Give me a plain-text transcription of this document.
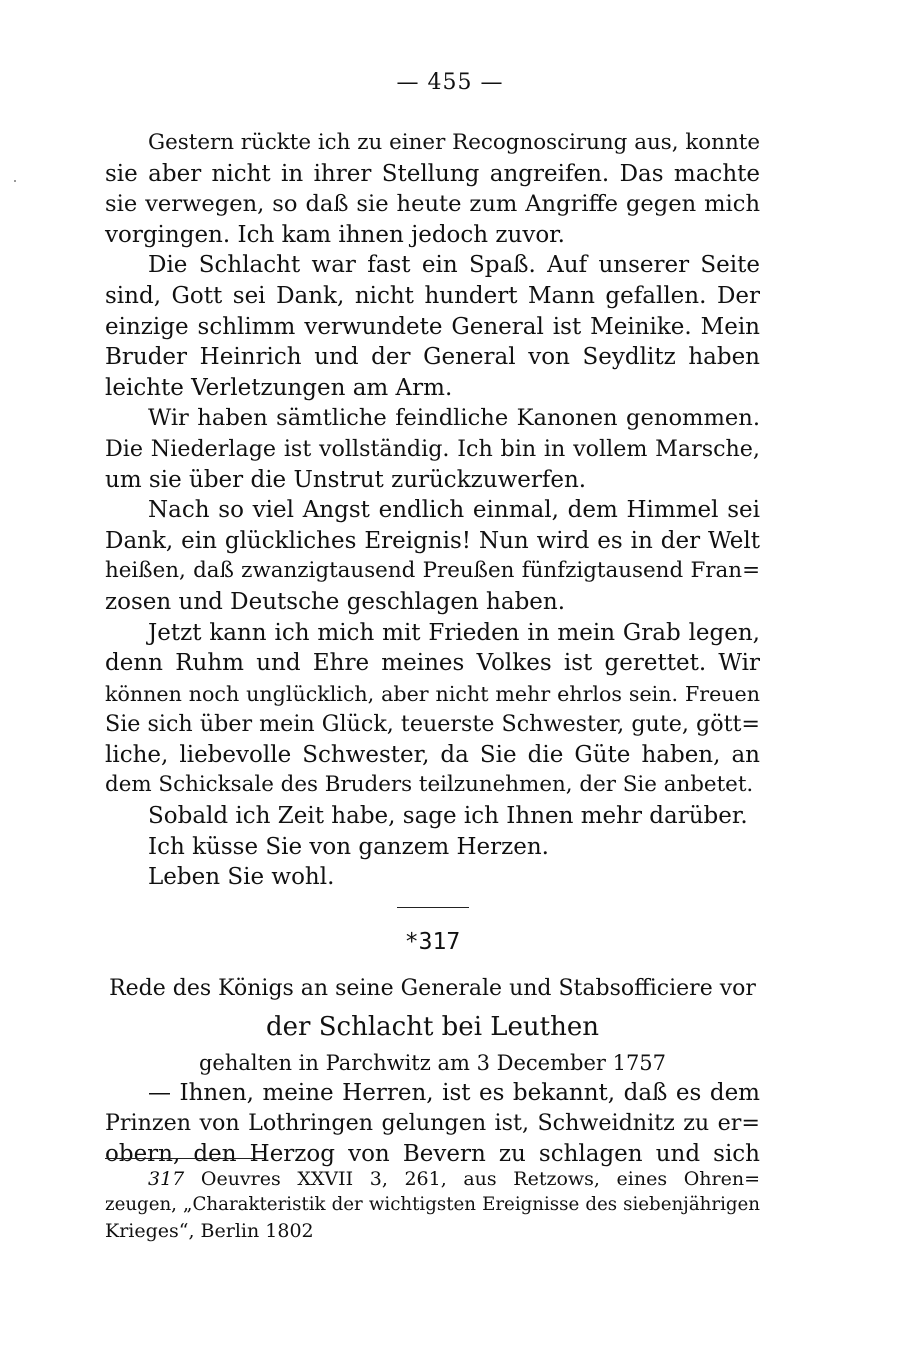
— 455 —
Gestern rückte ich zu einer Recognoscirung aus, konnte
sie aber nicht in ihrer Stellung angreifen. Das machte
sie verwegen, so daß sie heute zum Angriffe gegen mich
vorgingen. Ich kam ihnen jedoch zuvor.
Die Schlacht war fast ein Spaß. Auf unserer Seite
sind, Gott sei Dank, nicht hundert Mann gefallen. Der
einzige schlimm verwundete General ist Meinike. Mein
Bruder Heinrich und der General von Seydlitz haben
leichte Verletzungen am Arm.
Wir haben sämtliche feindliche Kanonen genommen.
Die Niederlage ist vollständig. Ich bin in vollem Marsche,
um sie über die Unstrut zurückzuwerfen.
Nach so viel Angst endlich einmal, dem Himmel sei
Dank, ein glückliches Ereignis! Nun wird es in der Welt
heißen, daß zwanzigtausend Preußen fünfzigtausend Fran=
zosen und Deutsche geschlagen haben.
Jetzt kann ich mich mit Frieden in mein Grab legen,
denn Ruhm und Ehre meines Volkes ist gerettet. Wir
können noch unglücklich, aber nicht mehr ehrlos sein. Freuen
Sie sich über mein Glück, teuerste Schwester, gute, gött=
liche, liebevolle Schwester, da Sie die Güte haben, an
dem Schicksale des Bruders teilzunehmen, der Sie anbetet.
Sobald ich Zeit habe, sage ich Ihnen mehr darüber.
Ich küsse Sie von ganzem Herzen.
Leben Sie wohl.
*317
Rede des Königs an seine Generale und Stabsofficiere vor
der Schlacht bei Leuthen
gehalten in Parchwitz am 3 December 1757
— Ihnen, meine Herren, ist es bekannt, daß es dem
Prinzen von Lothringen gelungen ist, Schweidnitz zu er=
obern, den Herzog von Bevern zu schlagen und sich
317 Oeuvres XXVII 3, 261, aus Retzows, eines Ohren=
zeugen, „Charakteristik der wichtigsten Ereignisse des siebenjährigen
Krieges“, Berlin 1802
